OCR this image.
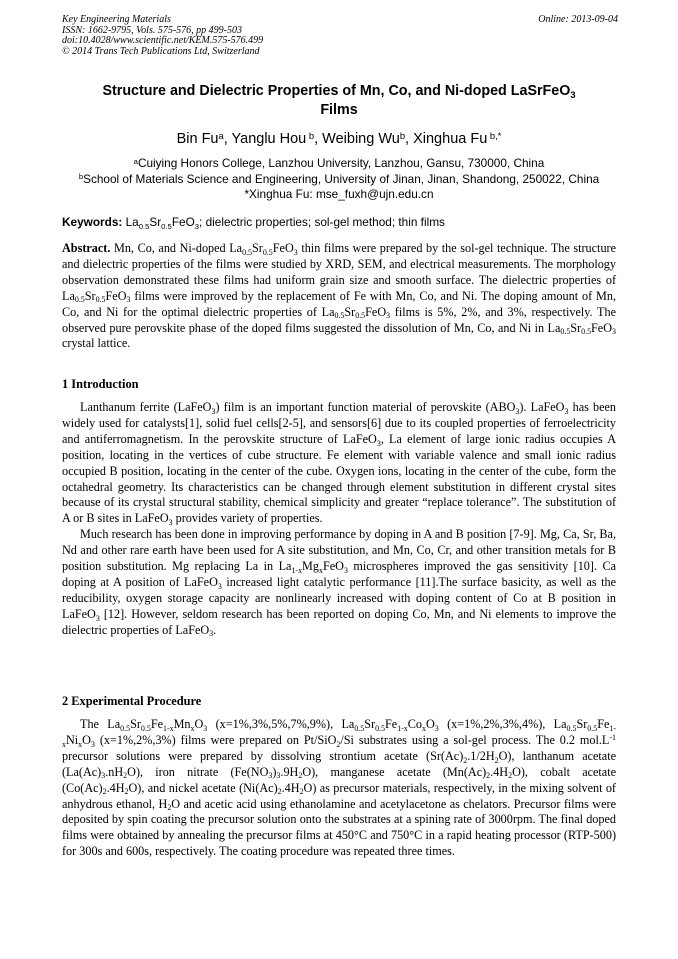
Key Engineering Materials
ISSN: 1662-9795, Vols. 575-576, pp 499-503
doi:10.4028/www.scientific.net/KEM.575-576.499
© 2014 Trans Tech Publications Ltd, Switzerland
Online: 2013-09-04
Structure and Dielectric Properties of Mn, Co, and Ni-doped LaSrFeO$_3$
Films
Bin Fu$^a$, Yanglu Hou $^b$, Weibing Wu$^b$, Xinghua Fu $^{b,*}$
$^a$Cuiying Honors College, Lanzhou University, Lanzhou, Gansu, 730000, China
$^b$School of Materials Science and Engineering, University of Jinan, Jinan, Shandong, 250022, China
*Xinghua Fu: mse_fuxh@ujn.edu.cn
Keywords: $La_{0.5}Sr_{0.5}FeO_3$; dielectric properties; sol-gel method; thin films

Abstract. Mn, Co, and Ni-doped $La_{0.5}Sr_{0.5}FeO_3$ thin films were prepared by the sol-gel technique. The structure and dielectric properties of the films were studied by XRD, SEM, and electrical measurements. The morphology observation demonstrated these films had uniform grain size and smooth surface. The dielectric properties of $La_{0.5}Sr_{0.5}FeO_3$ films were improved by the replacement of Fe with Mn, Co, and Ni. The doping amount of Mn, Co, and Ni for the optimal dielectric properties of $La_{0.5}Sr_{0.5}FeO_3$ films is 5%, 2%, and 3%, respectively. The observed pure perovskite phase of the doped films suggested the dissolution of Mn, Co, and Ni in $La_{0.5}Sr_{0.5}FeO_3$ crystal lattice.

1 Introduction

Lanthanum ferrite (LaFeO$_3$) film is an important function material of perovskite $(ABO_3)$. LaFeO$_3$ has been widely used for catalysts[1], solid fuel cells[2-5], and sensors[6] due to its coupled properties of ferroelectricity and antiferromagnetism. In the perovskite structure of LaFeO$_3$, La element of large ionic radius occupies A position, locating in the vertices of cube structure. Fe element with variable valence and small ionic radius occupied B position, locating in the center of the cube. Oxygen ions, locating in the center of the cube, form the octahedral geometry. Its characteristics can be changed through element substitution in different crystal sites because of its crystal structural stability, chemical simplicity and greater “replace tolerance”. The substitution of A or B sites in LaFeO$_3$ provides variety of properties.

Much research has been done in improving performance by doping in A and B position [7-9]. Mg, Ca, Sr, Ba, Nd and other rare earth have been used for A site substitution, and Mn, Co, Cr, and other transition metals for B position substitution. Mg replacing La in $La_{1-x}Mg_xFeO_3$ microspheres improved the gas sensitivity [10]. Ca doping at A position of LaFeO$_3$ increased light catalytic performance [11].The surface basicity, as well as the reducibility, oxygen storage capacity are nonlinearly increased with doping content of Co at B position in LaFeO$_3$ [12]. However, seldom research has been reported on doping Co, Mn, and Ni elements to improve the dielectric properties of LaFeO$_3$.

2 Experimental Procedure

The $La_{0.5}Sr_{0.5}Fe_{1-x}Mn_xO_3$ (x=1%,3%,5%,7%,9%), $La_{0.5}Sr_{0.5}Fe_{1-x}Co_xO_3$ (x=1%,2%,3%,4%), $La_{0.5}Sr_{0.5}Fe_{1-x}Ni_xO_3$ (x=1%,2%,3%) films were prepared on Pt/SiO$_2$/Si substrates using a sol-gel process. The 0.2 $mol.L^{-1}$ precursor solutions were prepared by dissolving strontium acetate $(Sr(Ac)_2.1/2H_2O)$, lanthanum acetate $(La(Ac)_3.nH_2O)$, iron nitrate $(Fe(NO_3)_3.9H_2O)$, manganese acetate $(Mn(Ac)_2.4H_2O)$, cobalt acetate $(Co(Ac)_2.4H_2O)$, and nickel acetate $(Ni(Ac)_2.4H_2O)$ as precursor materials, respectively, in the mixing solvent of anhydrous ethanol, $H_2O$ and acetic acid using ethanolamine and acetylacetone as chelators. Precursor films were deposited by spin coating the precursor solution onto the substrates at a spining rate of 3000rpm. The final doped films were obtained by annealing the precursor films at 450°C and 750°C in a rapid heating processor (RTP-500) for 300s and 600s, respectively. The coating procedure was repeated three times.
